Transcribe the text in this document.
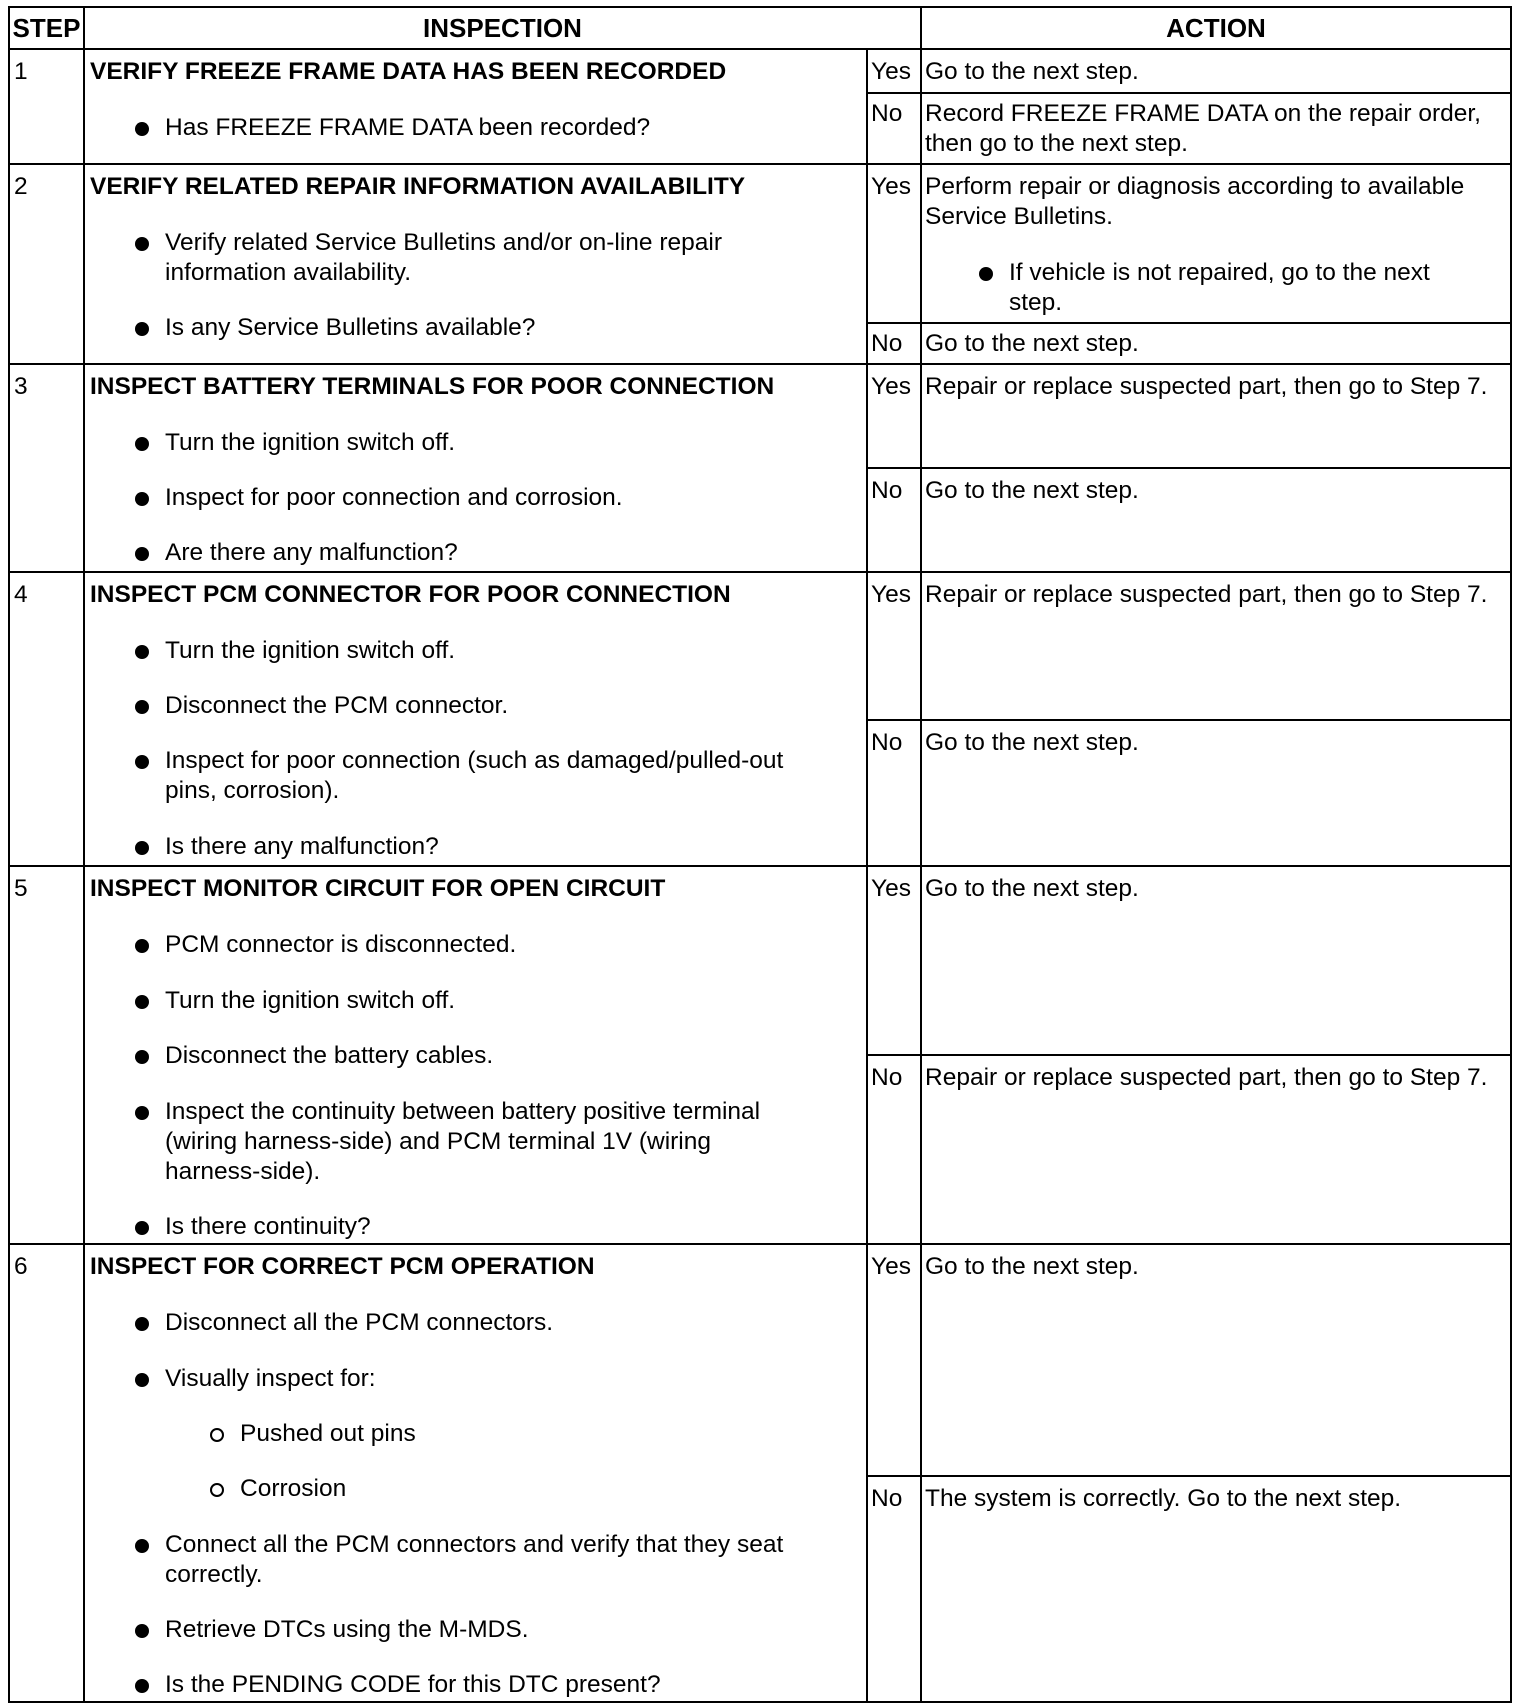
STEP	INSPECTION	ACTION
1	VERIFY FREEZE FRAME DATA HAS BEEN RECORDED
Has FREEZE FRAME DATA been recorded?
Yes Go to the next step.
No Record FREEZE FRAME DATA on the repair order,
then go to the next step.
2	VERIFY RELATED REPAIR INFORMATION AVAILABILITY
Verify related Service Bulletins and/or on-line repair
information availability.
Is any Service Bulletins available?
Yes Perform repair or diagnosis according to available
Service Bulletins.
If vehicle is not repaired, go to the next
step.
No Go to the next step.
3	INSPECT BATTERY TERMINALS FOR POOR CONNECTION
Turn the ignition switch off.
Inspect for poor connection and corrosion.
Are there any malfunction?
Yes Repair or replace suspected part, then go to Step 7.
No Go to the next step.
4	INSPECT PCM CONNECTOR FOR POOR CONNECTION
Turn the ignition switch off.
Disconnect the PCM connector.
Inspect for poor connection (such as damaged/pulled-out
pins, corrosion).
Is there any malfunction?
Yes Repair or replace suspected part, then go to Step 7.
No Go to the next step.
5	INSPECT MONITOR CIRCUIT FOR OPEN CIRCUIT
PCM connector is disconnected.
Turn the ignition switch off.
Disconnect the battery cables.
Inspect the continuity between battery positive terminal
(wiring harness-side) and PCM terminal 1V (wiring
harness-side).
Is there continuity?
Yes Go to the next step.
No Repair or replace suspected part, then go to Step 7.
6	INSPECT FOR CORRECT PCM OPERATION
Disconnect all the PCM connectors.
Visually inspect for:
Pushed out pins
Corrosion
Connect all the PCM connectors and verify that they seat
correctly.
Retrieve DTCs using the M-MDS.
Is the PENDING CODE for this DTC present?
Yes Go to the next step.
No The system is correctly. Go to the next step.
